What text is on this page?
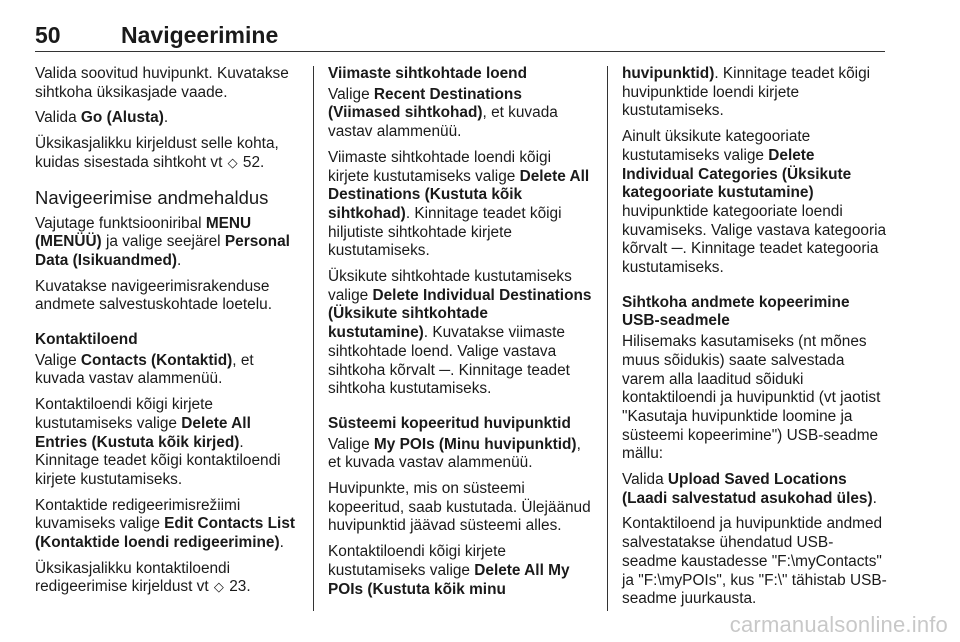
50	Navigeerimine

Valida soovitud huvipunkt. Kuvatakse sihtkoha üksikasjade vaade.

Valida Go (Alusta).

Üksikasjalikku kirjeldust selle kohta, kuidas sisestada sihtkoht vt ◇ 52.

Navigeerimise andmehaldus

Vajutage funktsiooniribal MENU (MENÜÜ) ja valige seejärel Personal Data (Isikuandmed).

Kuvatakse navigeerimisrakenduse andmete salvestuskohtade loetelu.

Kontaktiloend

Valige Contacts (Kontaktid), et kuvada vastav alammenüü.

Kontaktiloendi kõigi kirjete kustutamiseks valige Delete All Entries (Kustuta kõik kirjed). Kinnitage teadet kõigi kontaktiloendi kirjete kustutamiseks.

Kontaktide redigeerimisrežiimi kuvamiseks valige Edit Contacts List (Kontaktide loendi redigeerimine).

Üksikasjalikku kontaktiloendi redigeerimise kirjeldust vt ◇ 23.

Viimaste sihtkohtade loend

Valige Recent Destinations (Viimased sihtkohad), et kuvada vastav alammenüü.

Viimaste sihtkohtade loendi kõigi kirjete kustutamiseks valige Delete All Destinations (Kustuta kõik sihtkohad). Kinnitage teadet kõigi hiljutiste sihtkohtade kirjete kustutamiseks.

Üksikute sihtkohtade kustutamiseks valige Delete Individual Destinations (Üksikute sihtkohtade kustutamine). Kuvatakse viimaste sihtkohtade loend. Valige vastava sihtkoha kõrvalt ─. Kinnitage teadet sihtkoha kustutamiseks.

Süsteemi kopeeritud huvipunktid

Valige My POIs (Minu huvipunktid), et kuvada vastav alammenüü.

Huvipunkte, mis on süsteemi kopeeritud, saab kustutada. Ülejäänud huvipunktid jäävad süsteemi alles.

Kontaktiloendi kõigi kirjete kustutamiseks valige Delete All My POIs (Kustuta kõik minu

huvipunktid). Kinnitage teadet kõigi huvipunktide loendi kirjete kustutamiseks.

Ainult üksikute kategooriate kustutamiseks valige Delete Individual Categories (Üksikute kategooriate kustutamine) huvipunktide kategooriate loendi kuvamiseks. Valige vastava kategooria kõrvalt ─. Kinnitage teadet kategooria kustutamiseks.

Sihtkoha andmete kopeerimine USB-seadmele

Hilisemaks kasutamiseks (nt mõnes muus sõidukis) saate salvestada varem alla laaditud sõiduki kontaktiloendi ja huvipunktid (vt jaotist "Kasutaja huvipunktide loomine ja süsteemi kopeerimine") USB-seadme mällu:

Valida Upload Saved Locations (Laadi salvestatud asukohad üles).

Kontaktiloend ja huvipunktide andmed salvestatakse ühendatud USB-seadme kaustadesse "F:\myContacts" ja "F:\myPOIs", kus "F:\" tähistab USB-seadme juurkausta.

carmanualsonline.info
